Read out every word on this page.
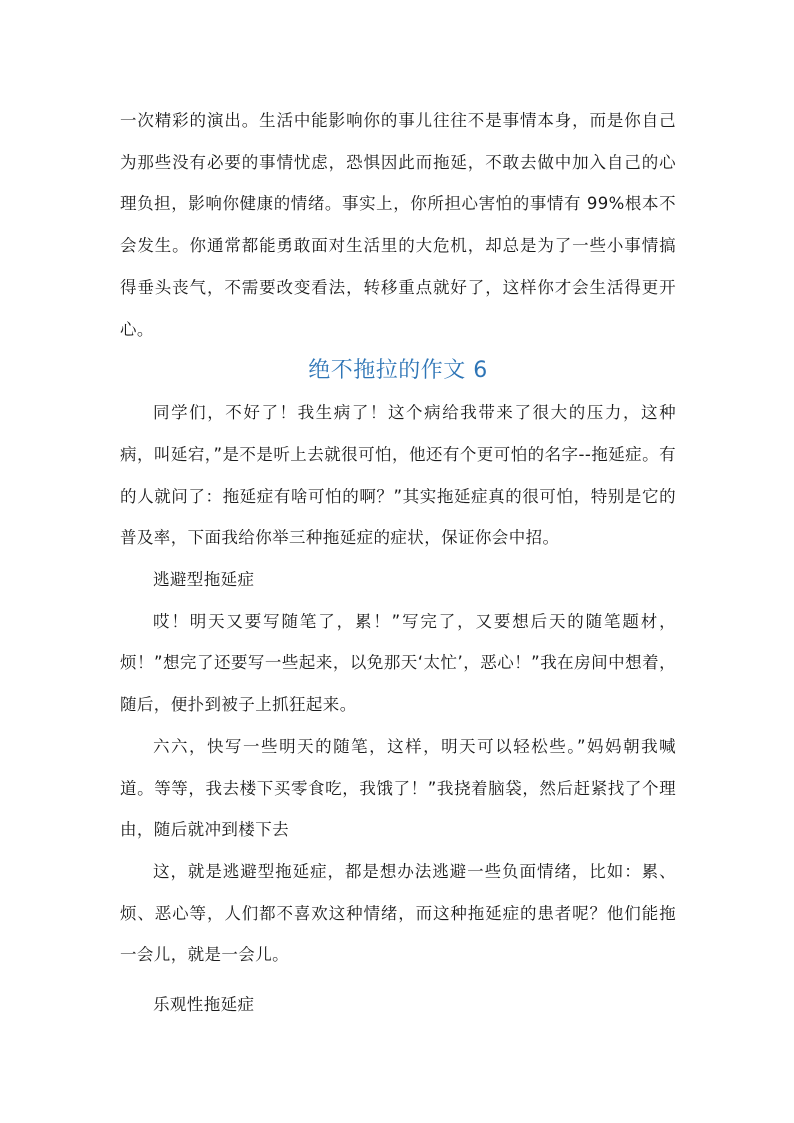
一次精彩的演出。生活中能影响你的事儿往往不是事情本身，而是你自己为那些没有必要的事情忧虑，恐惧因此而拖延，不敢去做中加入自己的心理负担，影响你健康的情绪。事实上，你所担心害怕的事情有 99%根本不会发生。你通常都能勇敢面对生活里的大危机，却总是为了一些小事情搞得垂头丧气，不需要改变看法，转移重点就好了，这样你才会生活得更开心。

绝不拖拉的作文 6

同学们，不好了！我生病了！这个病给我带来了很大的压力，这种病，叫延宕，”是不是听上去就很可怕，他还有个更可怕的名字--拖延症。有的人就问了：拖延症有啥可怕的啊？”其实拖延症真的很可怕，特别是它的普及率，下面我给你举三种拖延症的症状，保证你会中招。

逃避型拖延症

哎！明天又要写随笔了，累！”写完了，又要想后天的随笔题材，烦！”想完了还要写一些起来，以免那天‘太忙’，恶心！”我在房间中想着，随后，便扑到被子上抓狂起来。

六六，快写一些明天的随笔，这样，明天可以轻松些。”妈妈朝我喊道。等等，我去楼下买零食吃，我饿了！”我挠着脑袋，然后赶紧找了个理由，随后就冲到楼下去

这，就是逃避型拖延症，都是想办法逃避一些负面情绪，比如：累、烦、恶心等，人们都不喜欢这种情绪，而这种拖延症的患者呢？他们能拖一会儿，就是一会儿。

乐观性拖延症
